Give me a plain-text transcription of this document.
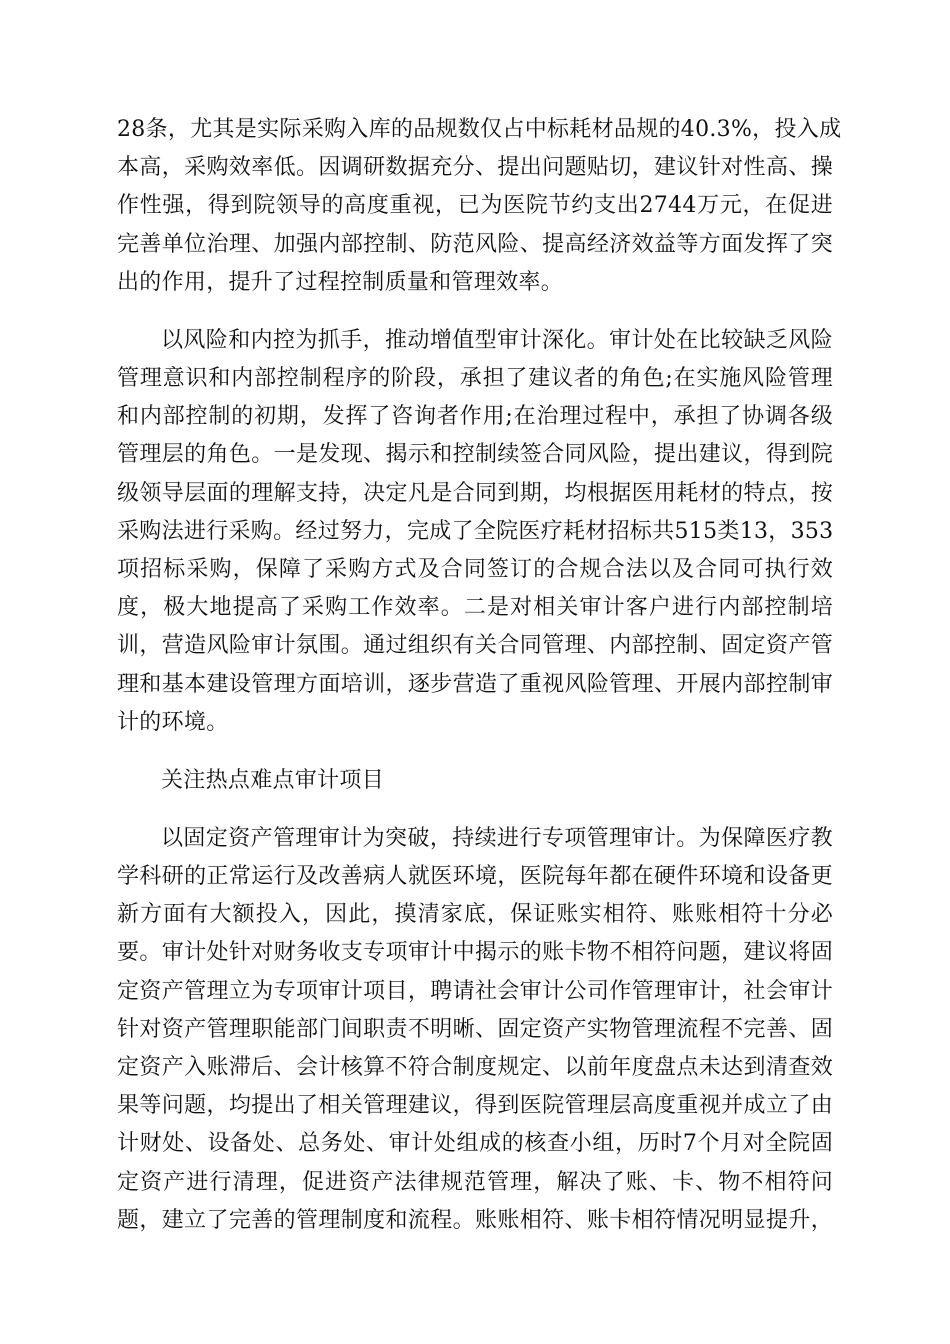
28条，尤其是实际采购入库的品规数仅占中标耗材品规的40.3%，投入成
本高，采购效率低。因调研数据充分、提出问题贴切，建议针对性高、操
作性强，得到院领导的高度重视，已为医院节约支出2744万元，在促进
完善单位治理、加强内部控制、防范风险、提高经济效益等方面发挥了突
出的作用，提升了过程控制质量和管理效率。
以风险和内控为抓手，推动增值型审计深化。审计处在比较缺乏风险
管理意识和内部控制程序的阶段，承担了建议者的角色;在实施风险管理
和内部控制的初期，发挥了咨询者作用;在治理过程中，承担了协调各级
管理层的角色。一是发现、揭示和控制续签合同风险，提出建议，得到院
级领导层面的理解支持，决定凡是合同到期，均根据医用耗材的特点，按
采购法进行采购。经过努力，完成了全院医疗耗材招标共515类13，353
项招标采购，保障了采购方式及合同签订的合规合法以及合同可执行效
度，极大地提高了采购工作效率。二是对相关审计客户进行内部控制培
训，营造风险审计氛围。通过组织有关合同管理、内部控制、固定资产管
理和基本建设管理方面培训，逐步营造了重视风险管理、开展内部控制审
计的环境。
关注热点难点审计项目
以固定资产管理审计为突破，持续进行专项管理审计。为保障医疗教
学科研的正常运行及改善病人就医环境，医院每年都在硬件环境和设备更
新方面有大额投入，因此，摸清家底，保证账实相符、账账相符十分必
要。审计处针对财务收支专项审计中揭示的账卡物不相符问题，建议将固
定资产管理立为专项审计项目，聘请社会审计公司作管理审计，社会审计
针对资产管理职能部门间职责不明晰、固定资产实物管理流程不完善、固
定资产入账滞后、会计核算不符合制度规定、以前年度盘点未达到清查效
果等问题，均提出了相关管理建议，得到医院管理层高度重视并成立了由
计财处、设备处、总务处、审计处组成的核查小组，历时7个月对全院固
定资产进行清理，促进资产法律规范管理，解决了账、卡、物不相符问
题，建立了完善的管理制度和流程。账账相符、账卡相符情况明显提升，
